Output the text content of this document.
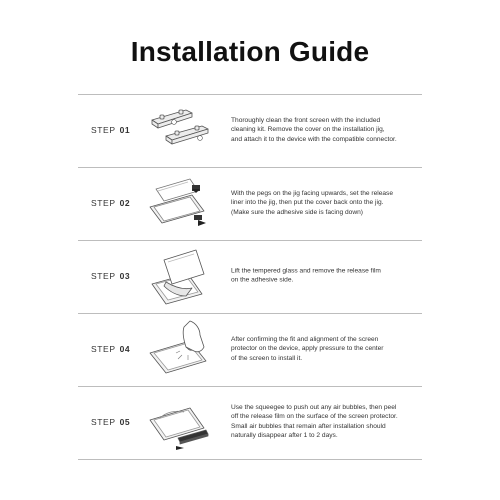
Installation Guide
STEP 01
Thoroughly clean the front screen with the included
cleaning kit. Remove the cover on the installation jig,
and attach it to the device with the compatible connector.
STEP 02
With the pegs on the jig facing upwards, set the release
liner into the jig, then put the cover back onto the jig.
(Make sure the adhesive side is facing down)
STEP 03	Lift the tempered glass and remove the release film
on the adhesive side.
STEP 04
After confirming the fit and alignment of the screen
protector on the device, apply pressure to the center
of the screen to install it.
STEP 05
Use the squeegee to push out any air bubbles, then peel
off the release film on the surface of the screen protector.
Small air bubbles that remain after installation should
naturally disappear after 1 to 2 days.
